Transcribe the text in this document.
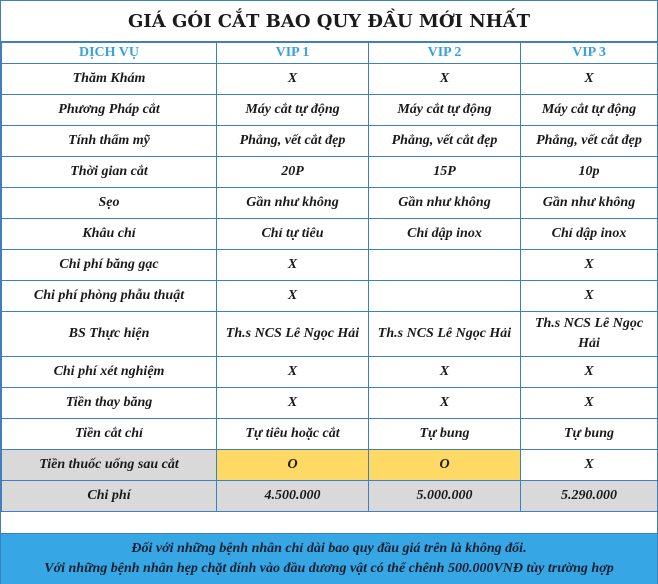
GIÁ GÓI CẮT BAO QUY ĐẦU MỚI NHẤT
DỊCH VỤ	VIP 1	VIP 2	VIP 3
Thăm Khám	X	X	X
Phương Pháp cắt	Máy cắt tự động	Máy cắt tự động	Máy cắt tự động
Tính thẩm mỹ	Phẳng, vết cắt đẹp	Phẳng, vết cắt đẹp	Phẳng, vết cắt đẹp
Thời gian cắt	20P	15P	10p
Sẹo	Gần như không	Gần như không	Gần như không
Khâu chỉ	Chỉ tự tiêu	Chỉ dập inox	Chỉ dập inox
Chi phí băng gạc	X		X
Chi phí phòng phẫu thuật	X		X
BS Thực hiện	Th.s NCS Lê Ngọc Hải	Th.s NCS Lê Ngọc Hải	Th.s NCS Lê Ngọc Hải
Chi phí xét nghiệm	X	X	X
Tiền thay băng	X	X	X
Tiền cắt chỉ	Tự tiêu hoặc cắt	Tự bung	Tự bung
Tiền thuốc uống sau cắt	O	O	X
Chi phí	4.500.000	5.000.000	5.290.000
Đối với những bệnh nhân chỉ dài bao quy đầu giá trên là không đổi.
Với những bệnh nhân hẹp chặt dính vào đầu dương vật có thể chênh 500.000VNĐ tùy trường hợp
